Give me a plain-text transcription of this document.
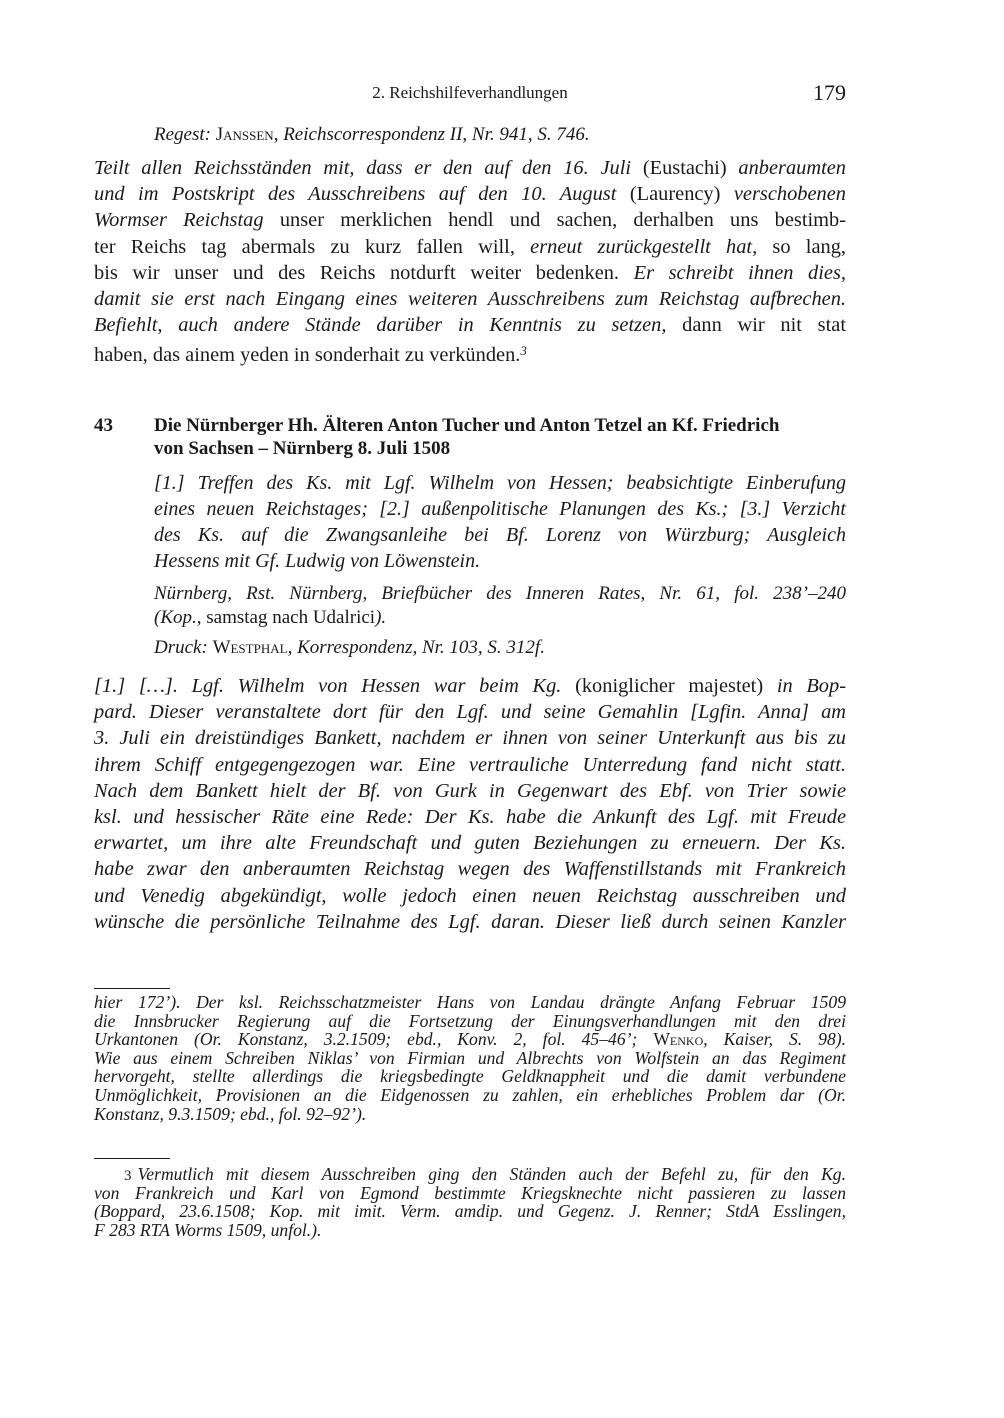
2. Reichshilfeverhandlungen	179
Regest: Janssen, Reichscorrespondenz II, Nr. 941, S. 746.
Teilt allen Reichsständen mit, dass er den auf den 16. Juli (Eustachi) anberaumten
und im Postskript des Ausschreibens auf den 10. August (Laurency) verschobenen
Wormser Reichstag unser merklichen hendl und sachen, derhalben uns bestimb-
ter Reichs tag abermals zu kurz fallen will, erneut zurückgestellt hat, so lang,
bis wir unser und des Reichs notdurft weiter bedenken. Er schreibt ihnen dies,
damit sie erst nach Eingang eines weiteren Ausschreibens zum Reichstag aufbrechen.
Befiehlt, auch andere Stände darüber in Kenntnis zu setzen, dann wir nit stat
haben, das ainem yeden in sonderhait zu verkünden.$^3$
43 Die Nürnberger Hh. Älteren Anton Tucher und Anton Tetzel an Kf. Friedrich
von Sachsen – Nürnberg 8. Juli 1508
[1.] Treffen des Ks. mit Lgf. Wilhelm von Hessen; beabsichtigte Einberufung
eines neuen Reichstages; [2.] außenpolitische Planungen des Ks.; [3.] Verzicht
des Ks. auf die Zwangsanleihe bei Bf. Lorenz von Würzburg; Ausgleich
Hessens mit Gf. Ludwig von Löwenstein.
Nürnberg, Rst. Nürnberg, Briefbücher des Inneren Rates, Nr. 61, fol. 238’–240
(Kop., samstag nach Udalrici).
Druck: Westphal, Korrespondenz, Nr. 103, S. 312f.
[1.] […]. Lgf. Wilhelm von Hessen war beim Kg. (koniglicher majestet) in Bop-
pard. Dieser veranstaltete dort für den Lgf. und seine Gemahlin [Lgfin. Anna] am
3. Juli ein dreistündiges Bankett, nachdem er ihnen von seiner Unterkunft aus bis zu
ihrem Schiff entgegengezogen war. Eine vertrauliche Unterredung fand nicht statt.
Nach dem Bankett hielt der Bf. von Gurk in Gegenwart des Ebf. von Trier sowie
ksl. und hessischer Räte eine Rede: Der Ks. habe die Ankunft des Lgf. mit Freude
erwartet, um ihre alte Freundschaft und guten Beziehungen zu erneuern. Der Ks.
habe zwar den anberaumten Reichstag wegen des Waffenstillstands mit Frankreich
und Venedig abgekündigt, wolle jedoch einen neuen Reichstag ausschreiben und
wünsche die persönliche Teilnahme des Lgf. daran. Dieser ließ durch seinen Kanzler
hier 172’). Der ksl. Reichsschatzmeister Hans von Landau drängte Anfang Februar 1509
die Innsbrucker Regierung auf die Fortsetzung der Einungsverhandlungen mit den drei
Urkantonen (Or. Konstanz, 3.2.1509; ebd., Konv. 2, fol. 45–46’; Wenko, Kaiser, S. 98).
Wie aus einem Schreiben Niklas’ von Firmian und Albrechts von Wolfstein an das Regiment
hervorgeht, stellte allerdings die kriegsbedingte Geldknappheit und die damit verbundene
Unmöglichkeit, Provisionen an die Eidgenossen zu zahlen, ein erhebliches Problem dar (Or.
Konstanz, 9.3.1509; ebd., fol. 92–92’).
3 Vermutlich mit diesem Ausschreiben ging den Ständen auch der Befehl zu, für den Kg.
von Frankreich und Karl von Egmond bestimmte Kriegsknechte nicht passieren zu lassen
(Boppard, 23.6.1508; Kop. mit imit. Verm. amdip. und Gegenz. J. Renner; StdA Esslingen,
F 283 RTA Worms 1509, unfol.).
